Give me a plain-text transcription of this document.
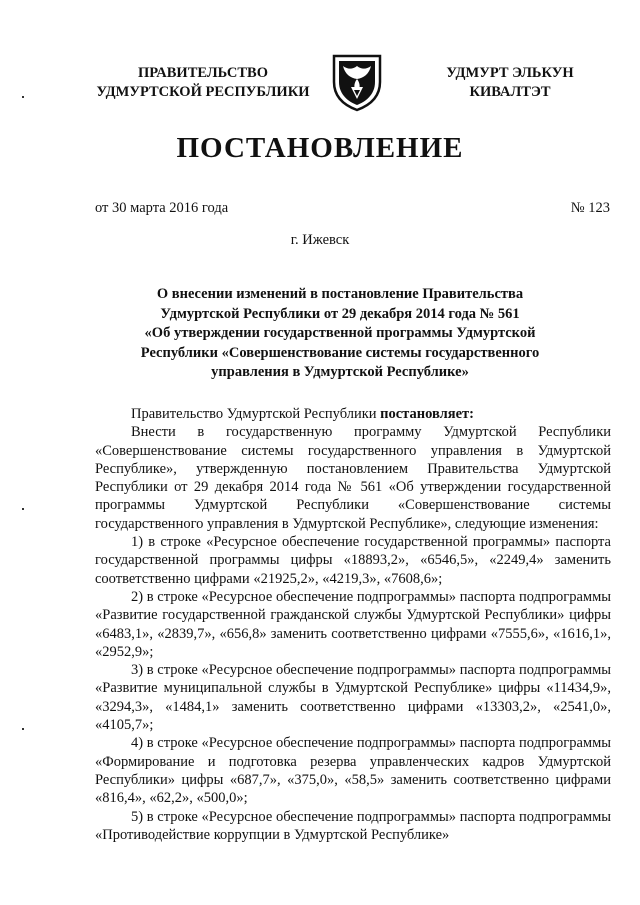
ПРАВИТЕЛЬСТВО
УДМУРТСКОЙ РЕСПУБЛИКИ
УДМУРТ ЭЛЬКУН
КИВАЛТЭТ
ПОСТАНОВЛЕНИЕ
от 30 марта 2016 года	№ 123
г. Ижевск
О внесении изменений в постановление Правительства
Удмуртской Республики от 29 декабря 2014 года № 561
«Об утверждении государственной программы Удмуртской
Республики «Совершенствование системы государственного
управления в Удмуртской Республике»

Правительство Удмуртской Республики постановляет:

Внести в государственную программу Удмуртской Республики «Совершенствование системы государственного управления в Удмуртской Республике», утвержденную постановлением Правительства Удмуртской Республики от 29 декабря 2014 года № 561 «Об утверждении государственной программы Удмуртской Республики «Совершенствование системы государственного управления в Удмуртской Республике», следующие изменения:

1) в строке «Ресурсное обеспечение государственной программы» паспорта государственной программы цифры «18893,2», «6546,5», «2249,4» заменить соответственно цифрами «21925,2», «4219,3», «7608,6»;

2) в строке «Ресурсное обеспечение подпрограммы» паспорта подпрограммы «Развитие государственной гражданской службы Удмуртской Республики» цифры «6483,1», «2839,7», «656,8» заменить соответственно цифрами «7555,6», «1616,1», «2952,9»;

3) в строке «Ресурсное обеспечение подпрограммы» паспорта подпрограммы «Развитие муниципальной службы в Удмуртской Республике» цифры «11434,9», «3294,3», «1484,1» заменить соответственно цифрами «13303,2», «2541,0», «4105,7»;

4) в строке «Ресурсное обеспечение подпрограммы» паспорта подпрограммы «Формирование и подготовка резерва управленческих кадров Удмуртской Республики» цифры «687,7», «375,0», «58,5» заменить соответственно цифрами «816,4», «62,2», «500,0»;

5) в строке «Ресурсное обеспечение подпрограммы» паспорта подпрограммы «Противодействие коррупции в Удмуртской Республике»
